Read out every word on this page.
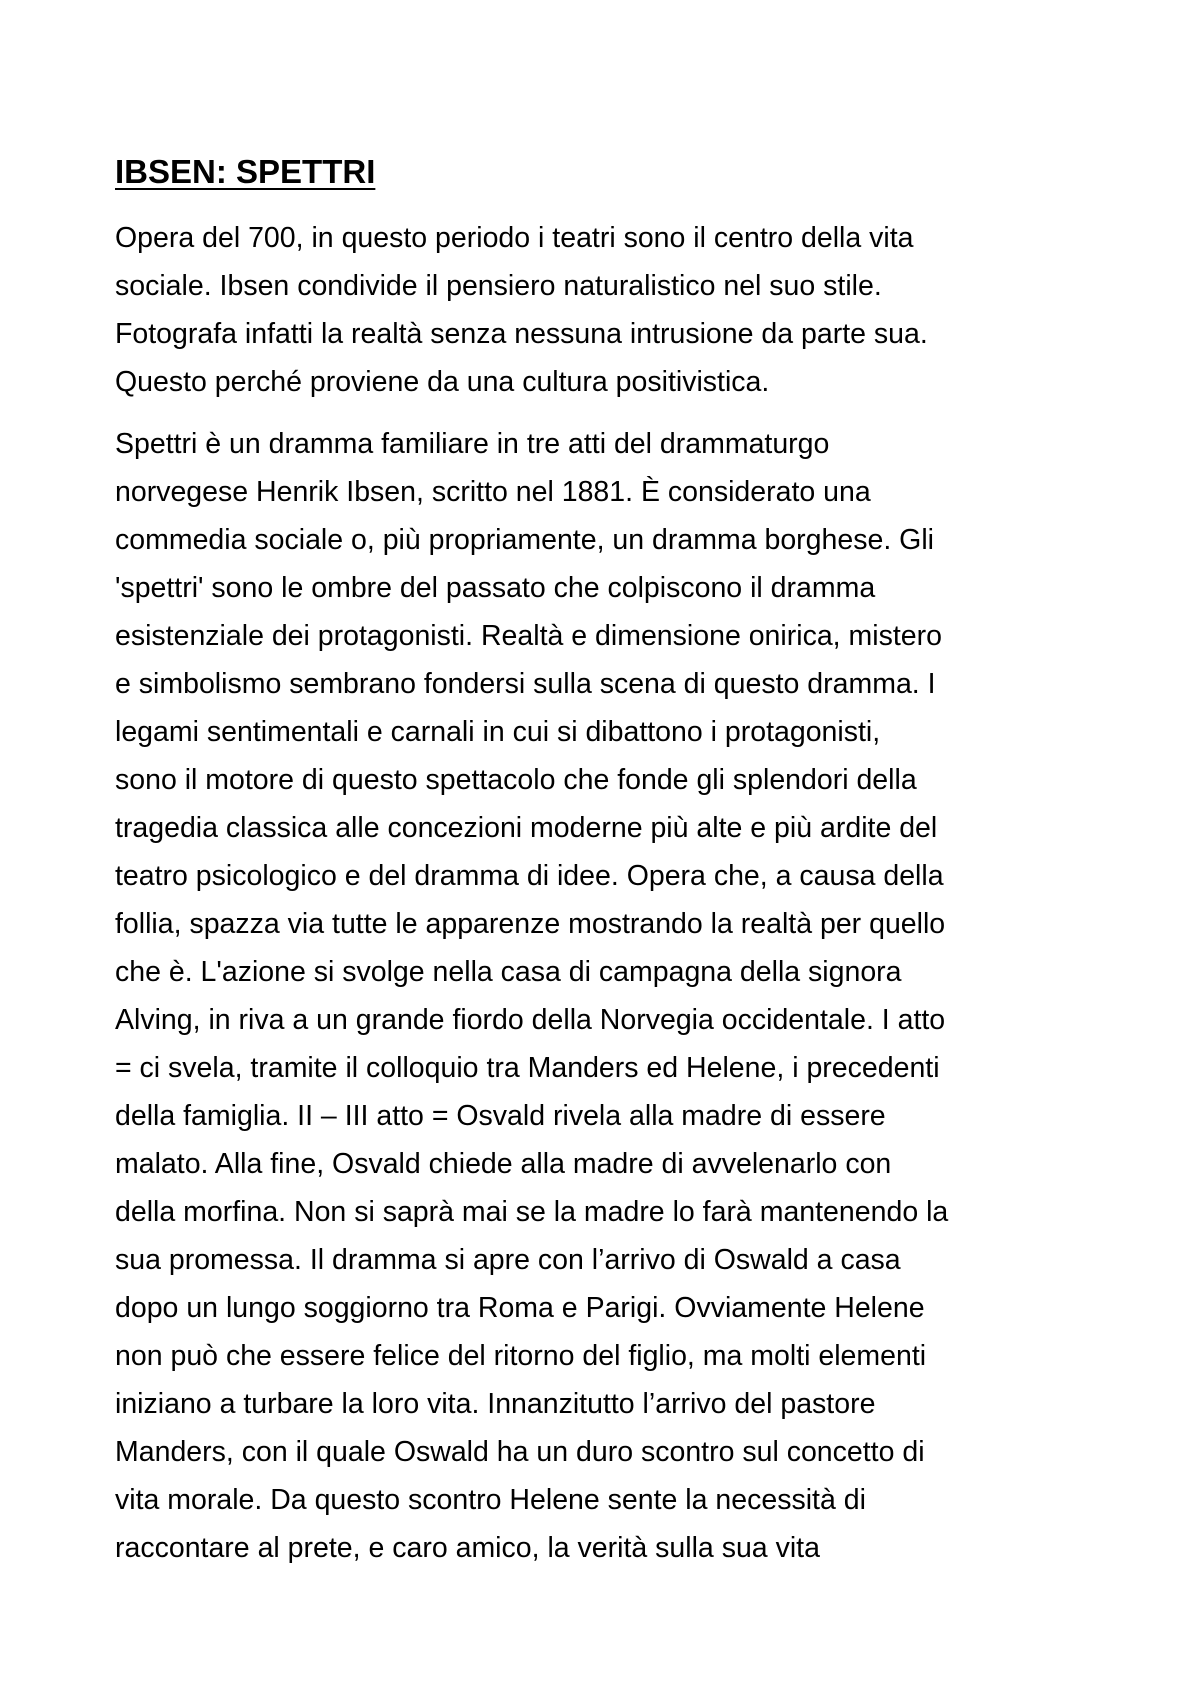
IBSEN: SPETTRI

Opera del 700, in questo periodo i teatri sono il centro della vita
sociale. Ibsen condivide il pensiero naturalistico nel suo stile.
Fotografa infatti la realtà senza nessuna intrusione da parte sua.
Questo perché proviene da una cultura positivistica.

Spettri è un dramma familiare in tre atti del drammaturgo
norvegese Henrik Ibsen, scritto nel 1881. È considerato una
commedia sociale o, più propriamente, un dramma borghese. Gli
'spettri' sono le ombre del passato che colpiscono il dramma
esistenziale dei protagonisti. Realtà e dimensione onirica, mistero
e simbolismo sembrano fondersi sulla scena di questo dramma. I
legami sentimentali e carnali in cui si dibattono i protagonisti,
sono il motore di questo spettacolo che fonde gli splendori della
tragedia classica alle concezioni moderne più alte e più ardite del
teatro psicologico e del dramma di idee. Opera che, a causa della
follia, spazza via tutte le apparenze mostrando la realtà per quello
che è. L'azione si svolge nella casa di campagna della signora
Alving, in riva a un grande fiordo della Norvegia occidentale. I atto
= ci svela, tramite il colloquio tra Manders ed Helene, i precedenti
della famiglia. II – III atto = Osvald rivela alla madre di essere
malato. Alla fine, Osvald chiede alla madre di avvelenarlo con
della morfina. Non si saprà mai se la madre lo farà mantenendo la
sua promessa. Il dramma si apre con l’arrivo di Oswald a casa
dopo un lungo soggiorno tra Roma e Parigi. Ovviamente Helene
non può che essere felice del ritorno del figlio, ma molti elementi
iniziano a turbare la loro vita. Innanzitutto l’arrivo del pastore
Manders, con il quale Oswald ha un duro scontro sul concetto di
vita morale. Da questo scontro Helene sente la necessità di
raccontare al prete, e caro amico, la verità sulla sua vita
